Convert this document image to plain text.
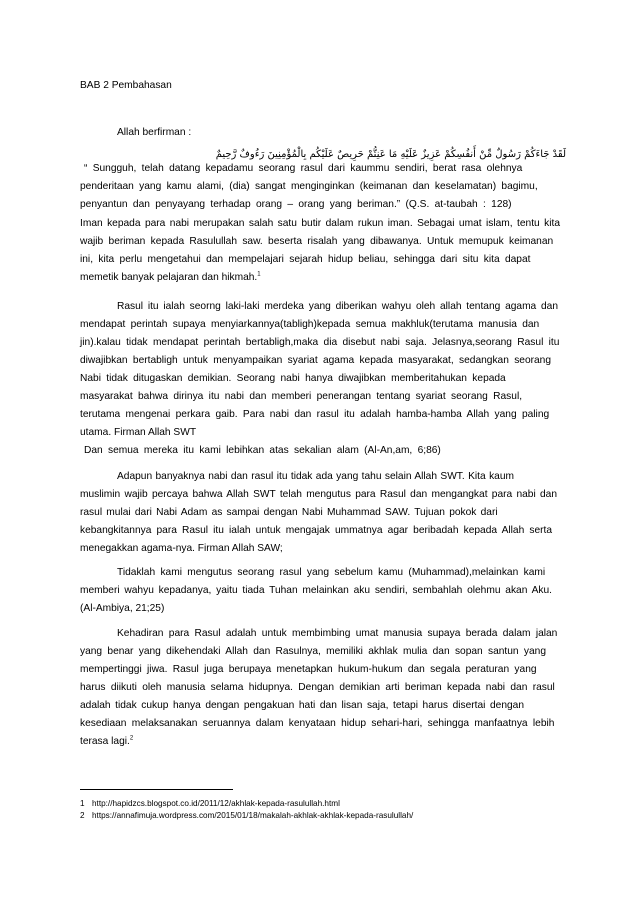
BAB 2 Pembahasan
Allah berfirman :
لَقَدْ جَاءَكُمْ رَسُولٌ مِّنْ أَنفُسِكُمْ عَزِيزٌ عَلَيْهِ مَا عَنِتُّمْ حَرِيصٌ عَلَيْكُم بِالْمُؤْمِنِينَ رَءُوفٌ رَّحِيمٌ
“ Sungguh, telah datang kepadamu seorang rasul dari kaummu sendiri, berat rasa olehnya
penderitaan yang kamu alami, (dia) sangat menginginkan (keimanan dan keselamatan) bagimu,
penyantun dan penyayang terhadap orang – orang yang beriman.” (Q.S. at-taubah : 128)
Iman kepada para nabi merupakan salah satu butir dalam rukun iman. Sebagai umat islam, tentu kita
wajib beriman kepada Rasulullah saw. beserta risalah yang dibawanya. Untuk memupuk keimanan
ini, kita perlu mengetahui dan mempelajari sejarah hidup beliau, sehingga dari situ kita dapat
memetik banyak pelajaran dan hikmah.$^1$
Rasul itu ialah seorng laki-laki merdeka yang diberikan wahyu oleh allah tentang agama dan
mendapat perintah supaya menyiarkannya(tabligh)kepada semua makhluk(terutama manusia dan
jin).kalau tidak mendapat perintah bertabligh,maka dia disebut nabi saja. Jelasnya,seorang Rasul itu
diwajibkan bertabligh untuk menyampaikan syariat agama kepada masyarakat, sedangkan seorang
Nabi tidak ditugaskan demikian. Seorang nabi hanya diwajibkan memberitahukan kepada
masyarakat bahwa dirinya itu nabi dan memberi penerangan tentang syariat seorang Rasul,
terutama mengenai perkara gaib. Para nabi dan rasul itu adalah hamba-hamba Allah yang paling
utama. Firman Allah SWT
Dan semua mereka itu kami lebihkan atas sekalian alam (Al-An,am, 6;86)
Adapun banyaknya nabi dan rasul itu tidak ada yang tahu selain Allah SWT. Kita kaum
muslimin wajib percaya bahwa Allah SWT telah mengutus para Rasul dan mengangkat para nabi dan
rasul mulai dari Nabi Adam as sampai dengan Nabi Muhammad SAW. Tujuan pokok dari
kebangkitannya para Rasul itu ialah untuk mengajak ummatnya agar beribadah kepada Allah serta
menegakkan agama-nya. Firman Allah SAW;
Tidaklah kami mengutus seorang rasul yang sebelum kamu (Muhammad),melainkan kami
memberi wahyu kepadanya, yaitu tiada Tuhan melainkan aku sendiri, sembahlah olehmu akan Aku.
(Al-Ambiya, 21;25)
Kehadiran para Rasul adalah untuk membimbing umat manusia supaya berada dalam jalan
yang benar yang dikehendaki Allah dan Rasulnya, memiliki akhlak mulia dan sopan santun yang
mempertinggi jiwa. Rasul juga berupaya menetapkan hukum-hukum dan segala peraturan yang
harus diikuti oleh manusia selama hidupnya. Dengan demikian arti beriman kepada nabi dan rasul
adalah tidak cukup hanya dengan pengakuan hati dan lisan saja, tetapi harus disertai dengan
kesediaan melaksanakan seruannya dalam kenyataan hidup sehari-hari, sehingga manfaatnya lebih
terasa lagi.$^2$
1 http://hapidzcs.blogspot.co.id/2011/12/akhlak-kepada-rasulullah.html
2 https://annafimuja.wordpress.com/2015/01/18/makalah-akhlak-akhlak-kepada-rasulullah/
